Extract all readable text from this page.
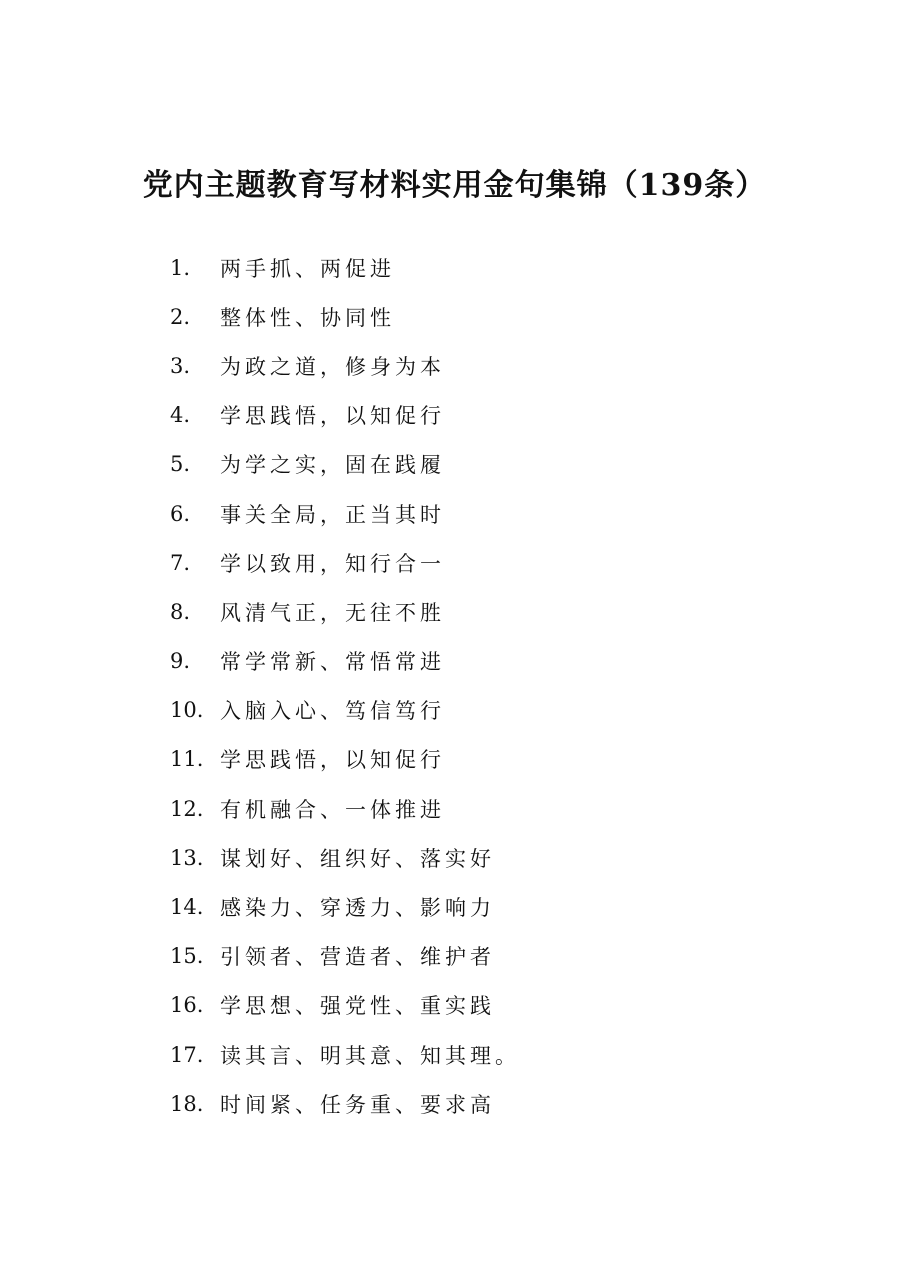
党内主题教育写材料实用金句集锦（139条）
1.	两手抓、两促进
2.	整体性、协同性
3.	为政之道，修身为本
4.	学思践悟，以知促行
5.	为学之实，固在践履
6.	事关全局，正当其时
7.	学以致用，知行合一
8.	风清气正，无往不胜
9.	常学常新、常悟常进
10. 入脑入心、笃信笃行
11. 学思践悟，以知促行
12. 有机融合、一体推进
13. 谋划好、组织好、落实好
14. 感染力、穿透力、影响力
15. 引领者、营造者、维护者
16. 学思想、强党性、重实践
17. 读其言、明其意、知其理。
18. 时间紧、任务重、要求高
